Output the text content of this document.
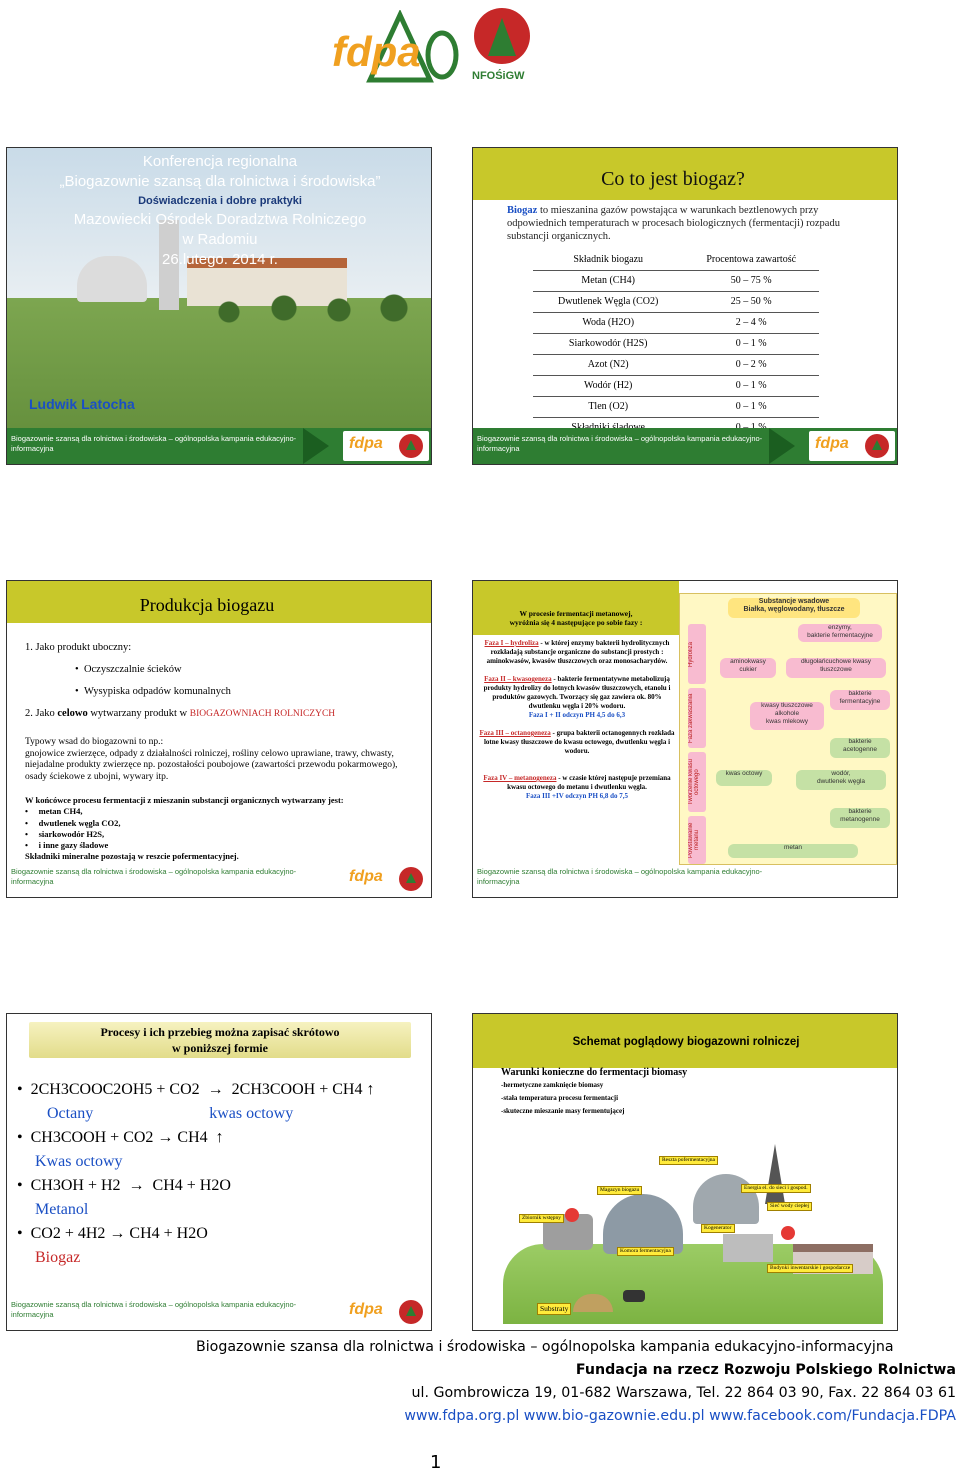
fdpa
NFOŚiGW
Konferencja regionalna
„Biogazownie szansą dla rolnictwa i środowiska”
Doświadczenia i dobre praktyki
Mazowiecki Ośrodek Doradztwa Rolniczego
w Radomiu
26.lutego. 2014 r.
Ludwik Latocha
Biogazownie szansą dla rolnictwa i środowiska – ogólnopolska kampania edukacyjno-informacyjna	fdpa
Co to jest biogaz?
Biogaz to mieszanina gazów powstająca w warunkach beztlenowych przy odpowiednich temperaturach w procesach biologicznych (fermentacji) rozpadu substancji organicznych.
Składnik biogazu	Procentowa zawartość
Metan (CH4)	50 – 75 %
Dwutlenek Węgla (CO2)	25 – 50 %
Woda (H2O)	2 – 4 %
Siarkowodór (H2S)	0 – 1 %
Azot (N2)	0 – 2 %
Wodór (H2)	0 – 1 %
Tlen (O2)	0 – 1 %

Biogazownie szansą dla rolnictwa i środowiska – ogólnopolska kampania edukacyjno-informacyjna	fdpa
Produkcja biogazu
1. Jako produkt uboczny:
•  Oczyszczalnie ścieków
•  Wysypiska odpadów komunalnych
2. Jako celowo wytwarzany produkt w BIOGAZOWNIACH ROLNICZYCH
Typowy wsad do biogazowni to np.:
gnojowice zwierzęce, odpady z działalności rolniczej, rośliny celowo uprawiane, trawy, chwasty, niejadalne produkty zwierzęce np. pozostałości poubojowe (zawartości przewodu pokarmowego), osady ściekowe z ubojni, wywary itp.
W końcówce procesu fermentacji z mieszanin substancji organicznych wytwarzany jest:
•     metan CH4,
•     dwutlenek węgla CO2,
•     siarkowodór H2S,
•     i inne gazy śladowe
Składniki mineralne pozostają w reszcie pofermentacyjnej.
Biogazownie szansą dla rolnictwa i środowiska – ogólnopolska kampania edukacyjno-informacyjna	fdpa
W procesie fermentacji metanowej,
wyróżnia się 4 następujące po sobie fazy :
Faza I – hydroliza - w której enzymy bakterii hydrolitycznych rozkładają substancje organiczne do substancji prostych : aminokwasów, kwasów tłuszczowych oraz monosacharydów.
Faza II – kwasogeneza - bakterie fermentatywne metabolizują produkty hydrolizy do lotnych kwasów tłuszczowych, etanolu i produktów gazowych. Tworzący się gaz zawiera ok. 80% dwutlenku węgla i 20% wodoru.
Faza I + II odczyn PH 4,5 do 6,3
Faza III – octanogeneza - grupa bakterii octanogennych rozkłada lotne kwasy tłuszczowe do kwasu octowego, dwutlenku węgla i wodoru.
Faza IV – metanogeneza - w czasie której następuje przemiana kwasu octowego do metanu i dwutlenku węgla.
Faza III +IV odczyn PH 6,8 do 7,5
Substancje wsadowe
Białka, węglowodany, tłuszcze
Hydroliza
Faza zakwaszania
Tworzenie kwasu octowego
Powstawanie metanu
enzymy,
bakterie fermentacyjne
aminokwasy
cukier
długołańcuchowe kwasy
tłuszczowe
bakterie
fermentacyjne
kwasy tłuszczowe
alkohole
kwas mlekowy
bakterie
acetogenne
kwas octowy	wodór,
dwutlenek węgla
bakterie
metanogenne
metan
Biogazownie szansą dla rolnictwa i środowiska – ogólnopolska kampania edukacyjno-informacyjna
Procesy i ich przebieg można zapisać skrótowo
w poniższej formie
•  2CH3COOC2OH5 + CO2 → 2CH3COOH + CH4 ↑
Octany	kwas octowy
•  CH3COOH + CO2 → CH4 ↑
Kwas octowy
•  CH3OH + H2 → CH4 + H2O
Metanol
•  CO2 + 4H2 → CH4 + H2O
Biogaz
Biogazownie szansą dla rolnictwa i środowiska – ogólnopolska kampania edukacyjno-informacyjna	fdpa
Schemat poglądowy biogazowni rolniczej
Warunki konieczne do fermentacji biomasy
-hermetyczne zamknięcie biomasy
-stała temperatura procesu fermentacji
-skuteczne mieszanie masy fermentującej
Reszta pofermentacyjna
Magazyn biogazu
Zbiornik wstępny
Komora fermentacyjna
Energia el. do sieci i gospod.
Sieć wody ciepłej
Kogenerator
Budynki inwentarskie i gospodarcze
Substraty
Biogazownie szansa dla rolnictwa i środowiska – ogólnopolska kampania edukacyjno-informacyjna
Fundacja na rzecz Rozwoju Polskiego Rolnictwa
ul. Gombrowicza 19, 01-682 Warszawa, Tel. 22 864 03 90, Fax. 22 864 03 61
www.fdpa.org.pl www.bio-gazownie.edu.pl www.facebook.com/Fundacja.FDPA
1
